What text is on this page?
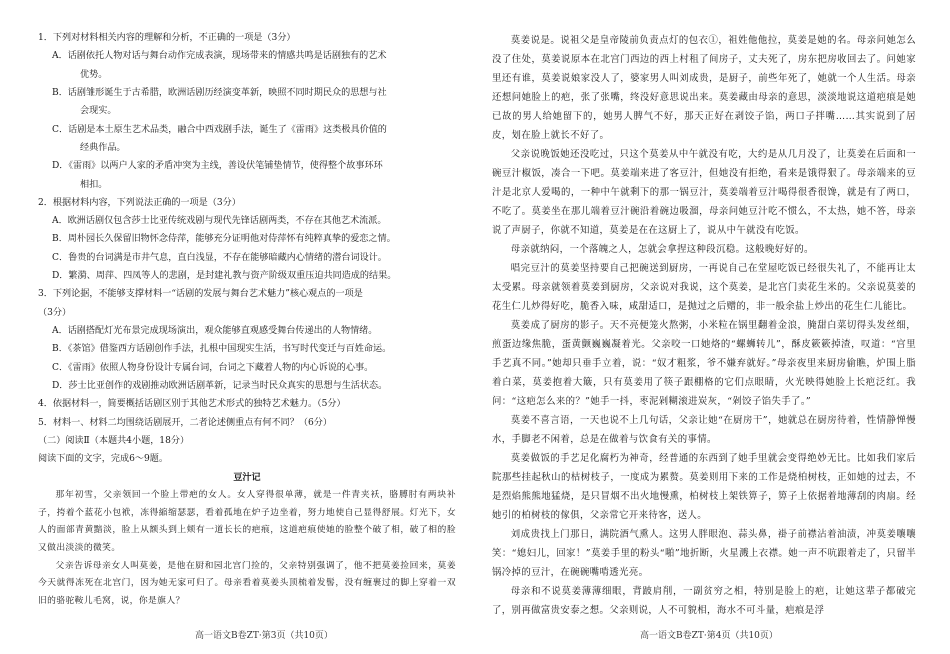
1．下列对材料相关内容的理解和分析，不正确的一项是（3分）

A．话剧依托人物对话与舞台动作完成表演，现场带来的情感共鸣是话剧独有的艺术
优势。

B．话剧雏形诞生于古希腊，欧洲话剧历经演变革新，映照不同时期民众的思想与社
会现实。

C．话剧是本土原生艺术品类，融合中西戏剧手法，诞生了《雷雨》这类极具价值的
经典作品。

D．《雷雨》以两户人家的矛盾冲突为主线，善设伏笔铺垫情节，使得整个故事环环
相扣。

2．根据材料内容，下列说法正确的一项是（3分）

A．欧洲话剧仅包含莎士比亚传统戏剧与现代先锋话剧两类，不存在其他艺术流派。

B．周朴园长久保留旧物怀念侍萍，能够充分证明他对侍萍怀有纯粹真挚的爱恋之情。

C．鲁贵的台词满是市井气息，直白浅显，不存在能够暗藏内心情绪的潜台词设计。

D．繁漪、周萍、四凤等人的悲剧，是封建礼教与资产阶级双重压迫共同造成的结果。

3．下列论据，不能够支撑材料一“话剧的发展与舞台艺术魅力”核心观点的一项是
（3分）

A．话剧搭配灯光布景完成现场演出，观众能够直观感受舞台传递出的人物情绪。

B．《茶馆》借鉴西方话剧创作手法，扎根中国现实生活，书写时代变迁与百姓命运。

C．《雷雨》依照人物身份设计专属台词，台词之下藏着人物的内心诉说的心事。

D．莎士比亚创作的戏剧推动欧洲话剧革新，记录当时民众真实的思想与生活状态。

4．依据材料一，简要概括话剧区别于其他艺术形式的独特艺术魅力。（5分）

5．材料一、材料二均围绕话剧展开，二者论述侧重点有何不同？（6分）

（二）阅读Ⅱ（本题共4小题，18分）

阅读下面的文字，完成6～9题。

豆汁记

那年初雪，父亲领回一个脸上带疤的女人。女人穿得很单薄，就是一件青夹袄，胳膊肘有两块补子，挎着个蓝花小包袱，冻得縮缩瑟瑟，看着孤地在炉子边坐着，努力地使自己显得舒展。灯光下，女人的面部青黄黯淡，脸上从额头到上颊有一道长长的疤痕，这道疤痕使她的脸整个破了相，破了相的脸又做出淡淡的微笑。

父亲告诉母亲女人叫莫姜，是他在厨和园北宫门捡的，父亲特别强调了，他不把莫姜捡回来，莫姜今天就得冻死在北宫门，因为她无家可归了。母亲看着莫姜头顶梳着发髻，没有缠裹过的脚上穿着一双旧的骆驼鞍儿毛窝，说，你是旗人？

莫姜说是。说祖父是皇帝陵前负责点灯的包衣①，祖姓他他拉，莫姜是她的名。母亲问她怎么没了住处，莫姜说原本在北宫门西边的西上村租了间房子，丈夫死了，房东把房收回去了。问她家里还有谁，莫姜说娘家没人了，婆家男人叫刘成贵，是厨子，前些年死了，她就一个人生活。母亲还想问她脸上的疤，张了张嘴，终没好意思说出来。莫姜藏由母亲的意思，淡淡地说这道疤痕是她已故的男人给她留下的，她男人脾气不好，那天正好在剥饺子馅，两口子拌嘴……其实说到了居皮，划在脸上就长不好了。

父亲说晚饭她还没吃过，只这个莫姜从中午就没有吃，大约是从几月没了，让莫姜在后面和一碗豆汁椒饭，凑合一下吧。莫姜端来进了客豆汁，但她没有拒绝，看来是饿得狠了。母亲端来的豆汁是北京人爱喝的，一种中午就剩下的那一锅豆汁，莫姜端着豆汁喝得很香很馋，就是有了两口，不吃了。莫姜坐在那儿端着豆汁碗沿着碗边吸溜，母亲问她豆汁吃不惯么，不太热，她不答，母亲说了声厨子，你就不知道，莫姜是在在这厨上了，说从中午就没有吃饭。

母亲就纳闷，一个落魄之人，怎就会拿捏这种段沉稳。这般晚好好的。

唱完豆汁的莫姜坚持要自己把碗送到厨房，一再说自己在堂屋吃饭已经很失礼了，不能再让太太受累。母亲就领着莫姜到厨房，父亲说对我说，这个莫姜，是北宫门卖花生米的。父亲说莫姜的花生仁儿炒得好吃，脆香入味，咸甜适口，是抛过之后赠的，非一般余盐上炒出的花生仁儿能比。

莫姜成了厨房的影子。天不亮便笼火熬粥，小米粒在锅里翻着金浪，腌甜白菜切得头发丝细，煎蛋边缘焦脆，蛋黄颤巍巍凝着光。父亲咬一口她烙的“螺蛳转儿”，酥皮簌簌掉渣，叹道：“宫里手艺真不同。”她却只垂手立着，说：“奴才粗浆，爷不嫌弃就好。”母亲夜里来厨房偷瞧，炉围上脂着白菜，莫姜抱着大簸，只有莫姜用了筷子跟棚格的它们点眼睛，火光映得她脸上长疤泛红。我问：“这疤怎么来的？”她手一抖，枣泥剁糊滚进炭灰，“剁饺子馅失手了。”

莫姜不喜言语，一天也说不上几句话，父亲让她“在厨房干”，她就总在厨房待着，性情静惮慢水，手脚老不闲着，总是在做着与饮食有关的事情。

莫姜做饭的手艺足化腐朽为神奇，经普通的东西到了她手里就会变得绝妙无比。比如我们家后院那些挂起秋山的枯树枝子，一度成为累赘。莫姜则用下来的工作是烧柏树枝，正如她的过去，不是烈焰熊熊地猛烧，是只冒烟不出火地慢熏，柏树枝上架铁箅子，箅子上依据着地薄刮的肉扇。经她引的柏树枝的傢俱，父亲常它开来待客，送人。

刘成贵找上门那日，满院酒气熏人。这男人胖眼泡、蒜头鼻，褂子前襟沾着油渍，冲莫姜嚷嚷笑：“媳妇儿，回家！”莫姜手里的粉头“啪”地折断，火星溅上衣襟。她一声不吭跟着走了，只留半锅冷掉的豆汁，在碗碗嘴啃透光亮。

母亲和不说莫姜薄薄细眼，背跛肩削，一副贫穷之相，特别是脸上的疤，让她这辈子都破完了，别再做富贵安泰之想。父亲则说，人不可貌相，海水不可斗量，疤痕是浮

高一语文B卷ZT·第3页（共10页）	高一语文B卷ZT·第4页（共10页）
